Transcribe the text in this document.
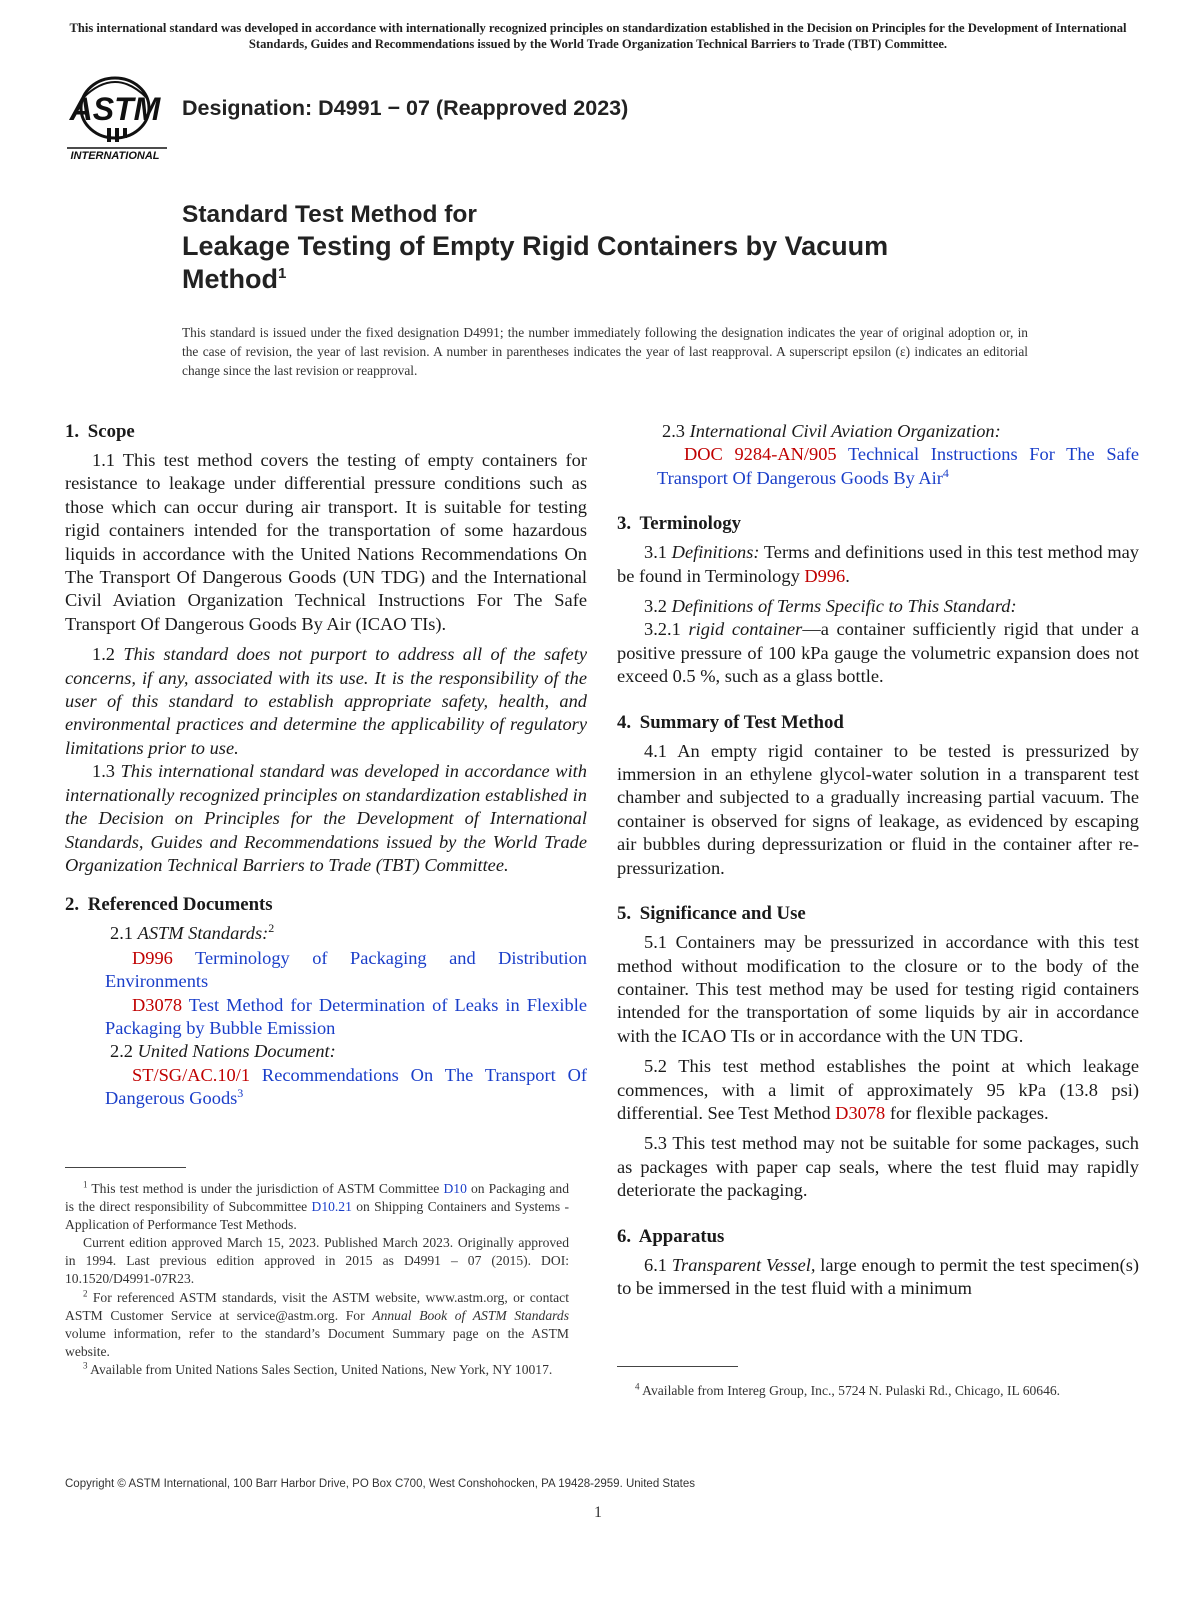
This international standard was developed in accordance with internationally recognized principles on standardization established in the Decision on Principles for the Development of International Standards, Guides and Recommendations issued by the World Trade Organization Technical Barriers to Trade (TBT) Committee.
ASTM
INTERNATIONAL
Designation: D4991 − 07 (Reapproved 2023)
Standard Test Method for
Leakage Testing of Empty Rigid Containers by Vacuum
Method$^1$
This standard is issued under the fixed designation D4991; the number immediately following the designation indicates the year of original adoption or, in the case of revision, the year of last revision. A number in parentheses indicates the year of last reapproval. A superscript epsilon (ε) indicates an editorial change since the last revision or reapproval.
1. Scope

1.1 This test method covers the testing of empty containers for resistance to leakage under differential pressure conditions such as those which can occur during air transport. It is suitable for testing rigid containers intended for the transportation of some hazardous liquids in accordance with the United Nations Recommendations On The Transport Of Dangerous Goods (UN TDG) and the International Civil Aviation Organization Technical Instructions For The Safe Transport Of Dangerous Goods By Air (ICAO TIs).

1.2 This standard does not purport to address all of the safety concerns, if any, associated with its use. It is the responsibility of the user of this standard to establish appropriate safety, health, and environmental practices and determine the applicability of regulatory limitations prior to use.

1.3 This international standard was developed in accordance with internationally recognized principles on standardization established in the Decision on Principles for the Development of International Standards, Guides and Recommendations issued by the World Trade Organization Technical Barriers to Trade (TBT) Committee.

2. Referenced Documents

2.1 ASTM Standards:$^2$

D996 Terminology of Packaging and Distribution Environments

D3078 Test Method for Determination of Leaks in Flexible Packaging by Bubble Emission

2.2 United Nations Document:

ST/SG/AC.10/1 Recommendations On The Transport Of Dangerous Goods$^3$

2.3 International Civil Aviation Organization:

DOC 9284-AN/905 Technical Instructions For The Safe Transport Of Dangerous Goods By Air$^4$

3. Terminology

3.1 Definitions: Terms and definitions used in this test method may be found in Terminology D996.

3.2 Definitions of Terms Specific to This Standard:

3.2.1 rigid container—a container sufficiently rigid that under a positive pressure of 100 kPa gauge the volumetric expansion does not exceed 0.5 %, such as a glass bottle.

4. Summary of Test Method

4.1 An empty rigid container to be tested is pressurized by immersion in an ethylene glycol-water solution in a transparent test chamber and subjected to a gradually increasing partial vacuum. The container is observed for signs of leakage, as evidenced by escaping air bubbles during depressurization or fluid in the container after re-pressurization.

5. Significance and Use

5.1 Containers may be pressurized in accordance with this test method without modification to the closure or to the body of the container. This test method may be used for testing rigid containers intended for the transportation of some liquids by air in accordance with the ICAO TIs or in accordance with the UN TDG.

5.2 This test method establishes the point at which leakage commences, with a limit of approximately 95 kPa (13.8 psi) differential. See Test Method D3078 for flexible packages.

5.3 This test method may not be suitable for some packages, such as packages with paper cap seals, where the test fluid may rapidly deteriorate the packaging.

6. Apparatus

6.1 Transparent Vessel, large enough to permit the test specimen(s) to be immersed in the test fluid with a minimum

$^1$ This test method is under the jurisdiction of ASTM Committee D10 on Packaging and is the direct responsibility of Subcommittee D10.21 on Shipping Containers and Systems - Application of Performance Test Methods.

Current edition approved March 15, 2023. Published March 2023. Originally approved in 1994. Last previous edition approved in 2015 as D4991 – 07 (2015). DOI: 10.1520/D4991-07R23.

$^2$ For referenced ASTM standards, visit the ASTM website, www.astm.org, or contact ASTM Customer Service at service@astm.org. For Annual Book of ASTM Standards volume information, refer to the standard’s Document Summary page on the ASTM website.

$^3$ Available from United Nations Sales Section, United Nations, New York, NY 10017.

$^4$ Available from Intereg Group, Inc., 5724 N. Pulaski Rd., Chicago, IL 60646.

Copyright © ASTM International, 100 Barr Harbor Drive, PO Box C700, West Conshohocken, PA 19428-2959. United States
1
